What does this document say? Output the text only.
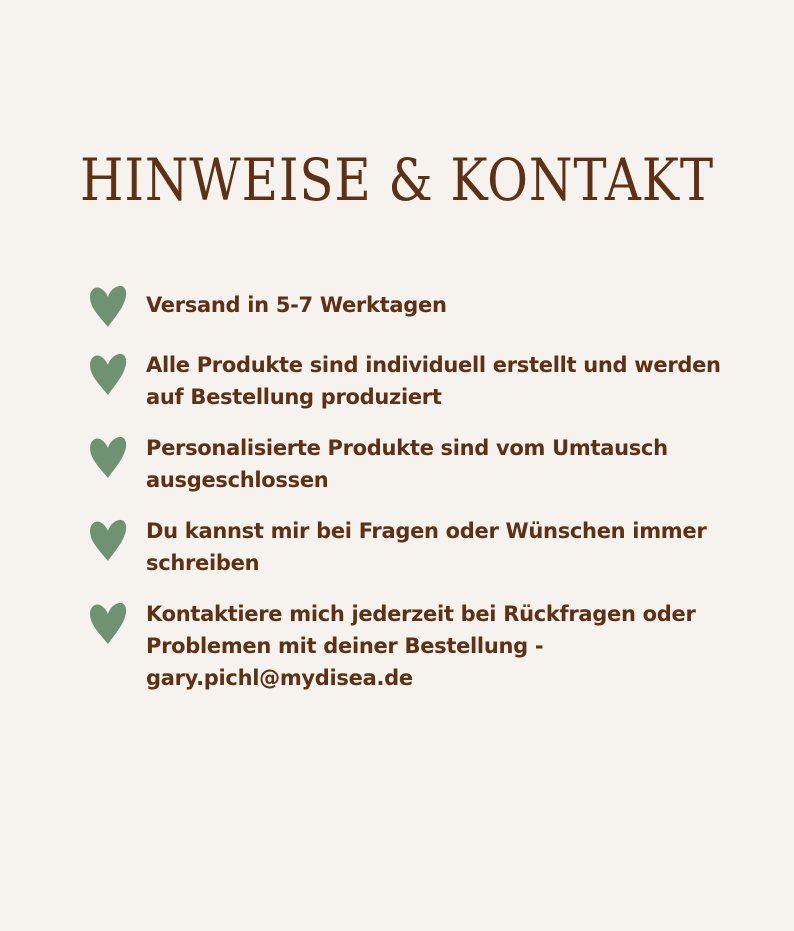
HINWEISE & KONTAKT
Versand in 5-7 Werktagen
Alle Produkte sind individuell erstellt und werden auf Bestellung produziert
Personalisierte Produkte sind vom Umtausch ausgeschlossen
Du kannst mir bei Fragen oder Wünschen immer schreiben
Kontaktiere mich jederzeit bei Rückfragen oder Problemen mit deiner Bestellung - gary.pichl@mydisea.de
